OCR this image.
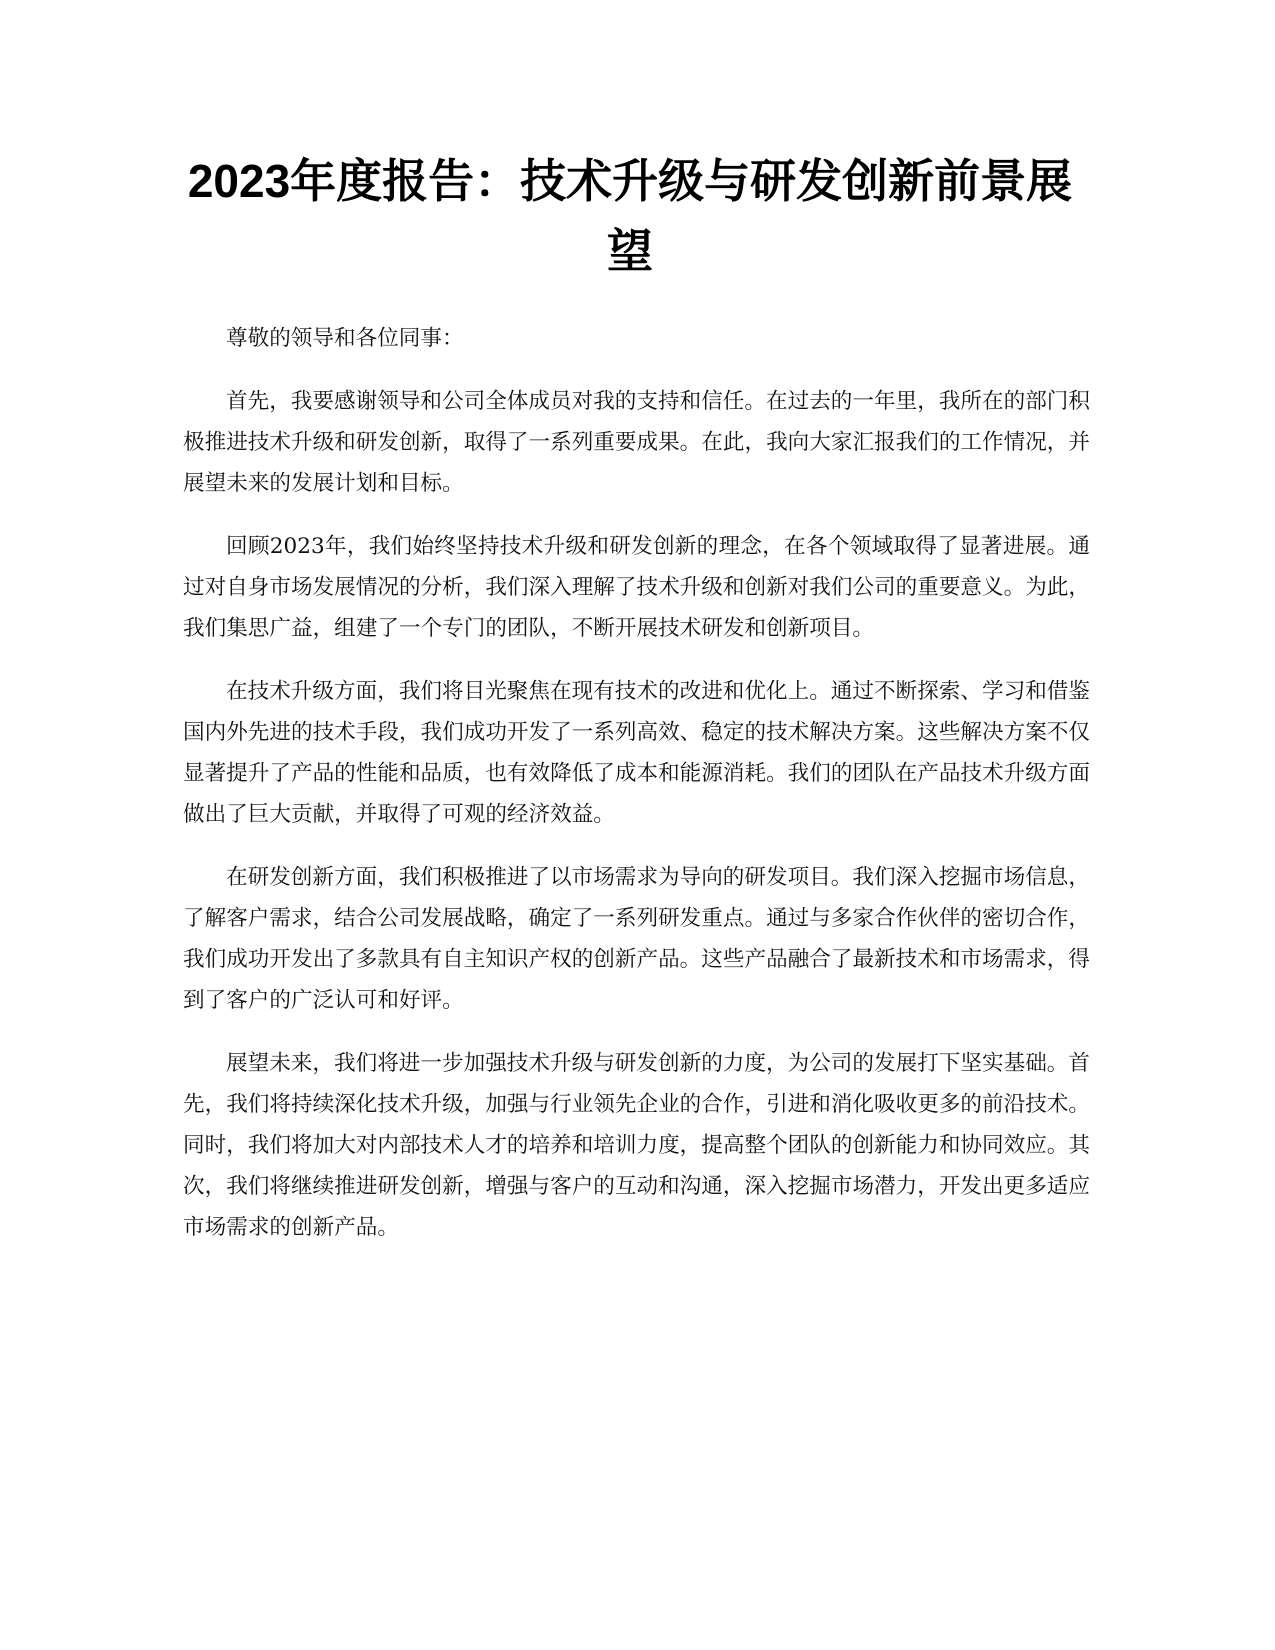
2023年度报告：技术升级与研发创新前景展望

尊敬的领导和各位同事：

首先，我要感谢领导和公司全体成员对我的支持和信任。在过去的一年里，我所在的部门积极推进技术升级和研发创新，取得了一系列重要成果。在此，我向大家汇报我们的工作情况，并展望未来的发展计划和目标。

回顾2023年，我们始终坚持技术升级和研发创新的理念，在各个领域取得了显著进展。通过对自身市场发展情况的分析，我们深入理解了技术升级和创新对我们公司的重要意义。为此，我们集思广益，组建了一个专门的团队，不断开展技术研发和创新项目。

在技术升级方面，我们将目光聚焦在现有技术的改进和优化上。通过不断探索、学习和借鉴国内外先进的技术手段，我们成功开发了一系列高效、稳定的技术解决方案。这些解决方案不仅显著提升了产品的性能和品质，也有效降低了成本和能源消耗。我们的团队在产品技术升级方面做出了巨大贡献，并取得了可观的经济效益。

在研发创新方面，我们积极推进了以市场需求为导向的研发项目。我们深入挖掘市场信息，了解客户需求，结合公司发展战略，确定了一系列研发重点。通过与多家合作伙伴的密切合作，我们成功开发出了多款具有自主知识产权的创新产品。这些产品融合了最新技术和市场需求，得到了客户的广泛认可和好评。

展望未来，我们将进一步加强技术升级与研发创新的力度，为公司的发展打下坚实基础。首先，我们将持续深化技术升级，加强与行业领先企业的合作，引进和消化吸收更多的前沿技术。同时，我们将加大对内部技术人才的培养和培训力度，提高整个团队的创新能力和协同效应。其次，我们将继续推进研发创新，增强与客户的互动和沟通，深入挖掘市场潜力，开发出更多适应市场需求的创新产品。
